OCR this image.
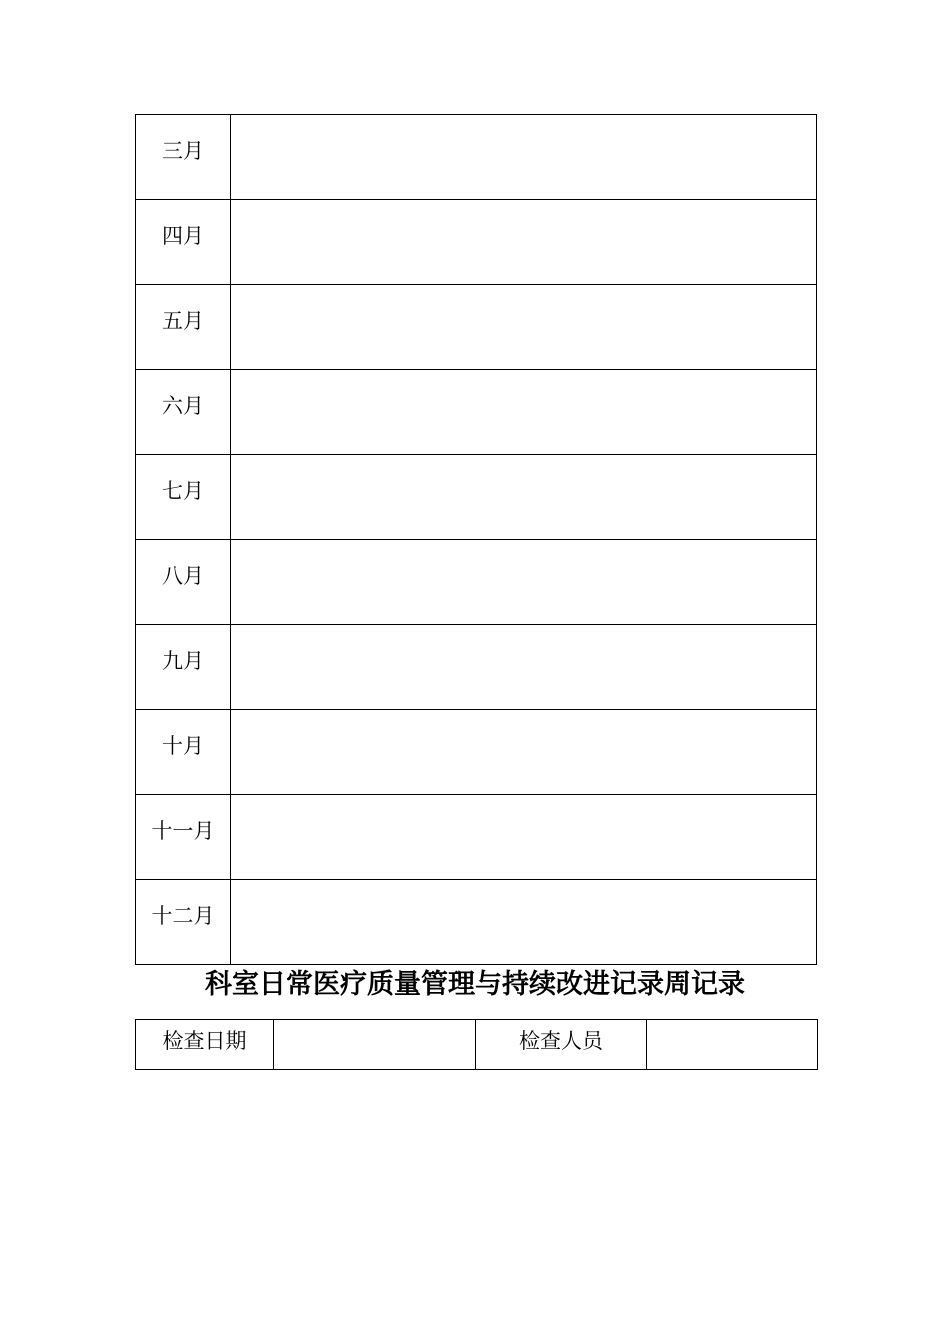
三月	
四月	
五月	
六月	
七月	
八月	
九月	
十月	
十一月	
十二月	
科室日常医疗质量管理与持续改进记录周记录
检查日期		检查人员	
